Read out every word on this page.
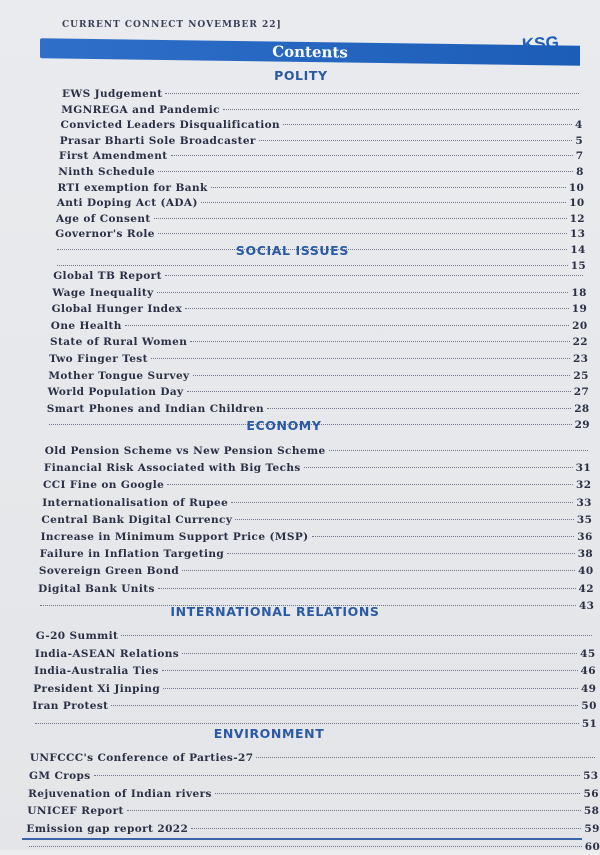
CURRENT CONNECT NOVEMBER 22]
Contents	KSG
POLITY
EWS Judgement
MGNREGA and Pandemic
Convicted Leaders Disqualification	4
Prasar Bharti Sole Broadcaster	5
First Amendment	7
Ninth Schedule	8
RTI exemption for Bank	10
Anti Doping Act (ADA)	10
Age of Consent	12
Governor's Role	13
14
15
SOCIAL ISSUES
Global TB Report
Wage Inequality	18
Global Hunger Index	19
One Health	20
State of Rural Women	22
Two Finger Test	23
Mother Tongue Survey	25
World Population Day	27
Smart Phones and Indian Children	28
29
ECONOMY
Old Pension Scheme vs New Pension Scheme
Financial Risk Associated with Big Techs	31
CCI Fine on Google	32
Internationalisation of Rupee	33
Central Bank Digital Currency	35
Increase in Minimum Support Price (MSP)	36
Failure in Inflation Targeting	38
Sovereign Green Bond	40
Digital Bank Units	42
43
INTERNATIONAL RELATIONS
G-20 Summit
India-ASEAN Relations	45
India-Australia Ties	46
President Xi Jinping	49
Iran Protest	50
51
ENVIRONMENT
UNFCCC's Conference of Parties-27
GM Crops	53
Rejuvenation of Indian rivers	56
UNICEF Report	58
Emission gap report 2022	59
60
